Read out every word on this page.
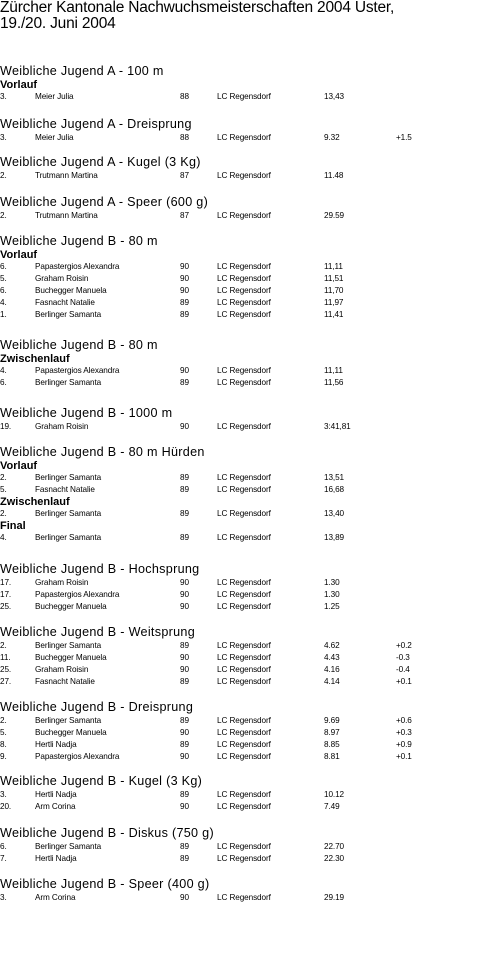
Zürcher Kantonale Nachwuchsmeisterschaften 2004 Uster,
19./20. Juni 2004
Weibliche Jugend A - 100 m
Vorlauf
3.	Meier Julia	88	LC Regensdorf	13,43
Weibliche Jugend A - Dreisprung
3.	Meier Julia	88	LC Regensdorf	9.32	+1.5
Weibliche Jugend A - Kugel (3 Kg)
2.	Trutmann Martina	87	LC Regensdorf	11.48
Weibliche Jugend A - Speer (600 g)
2.	Trutmann Martina	87	LC Regensdorf	29.59
Weibliche Jugend B - 80 m
Vorlauf
6.	Papastergios Alexandra	90	LC Regensdorf	11,11
5.	Graham Roisin	90	LC Regensdorf	11,51
6.	Buchegger Manuela	90	LC Regensdorf	11,70
4.	Fasnacht Natalie	89	LC Regensdorf	11,97
1.	Berlinger Samanta	89	LC Regensdorf	11,41
Weibliche Jugend B - 80 m
Zwischenlauf
4.	Papastergios Alexandra	90	LC Regensdorf	11,11
6.	Berlinger Samanta	89	LC Regensdorf	11,56
Weibliche Jugend B - 1000 m
19.	Graham Roisin	90	LC Regensdorf	3:41,81
Weibliche Jugend B - 80 m Hürden
Vorlauf
2.	Berlinger Samanta	89	LC Regensdorf	13,51
5.	Fasnacht Natalie	89	LC Regensdorf	16,68
Zwischenlauf
2.	Berlinger Samanta	89	LC Regensdorf	13,40
Final
4.	Berlinger Samanta	89	LC Regensdorf	13,89
Weibliche Jugend B - Hochsprung
17.	Graham Roisin	90	LC Regensdorf	1.30
17.	Papastergios Alexandra	90	LC Regensdorf	1.30
25.	Buchegger Manuela	90	LC Regensdorf	1.25
Weibliche Jugend B - Weitsprung
2.	Berlinger Samanta	89	LC Regensdorf	4.62	+0.2
11.	Buchegger Manuela	90	LC Regensdorf	4.43	-0.3
25.	Graham Roisin	90	LC Regensdorf	4.16	-0.4
27.	Fasnacht Natalie	89	LC Regensdorf	4.14	+0.1
Weibliche Jugend B - Dreisprung
2.	Berlinger Samanta	89	LC Regensdorf	9.69	+0.6
5.	Buchegger Manuela	90	LC Regensdorf	8.97	+0.3
8.	Hertli Nadja	89	LC Regensdorf	8.85	+0.9
9.	Papastergios Alexandra	90	LC Regensdorf	8.81	+0.1
Weibliche Jugend B - Kugel (3 Kg)
3.	Hertli Nadja	89	LC Regensdorf	10.12
20.	Arm Corina	90	LC Regensdorf	7.49
Weibliche Jugend B - Diskus (750 g)
6.	Berlinger Samanta	89	LC Regensdorf	22.70
7.	Hertli Nadja	89	LC Regensdorf	22.30
Weibliche Jugend B - Speer (400 g)
3.	Arm Corina	90	LC Regensdorf	29.19
